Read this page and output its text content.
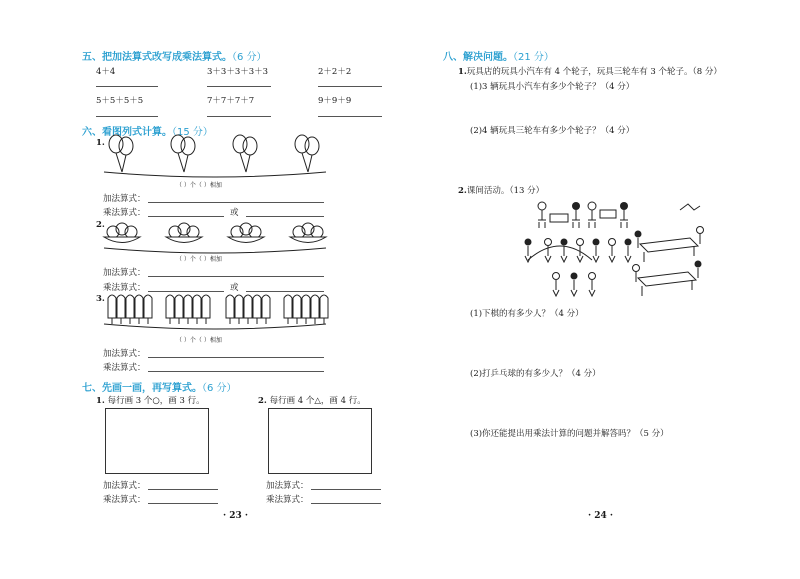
五、把加法算式改写成乘法算式。（6 分）
4＋4	3＋3＋3＋3＋3	2＋2＋2
5＋5＋5＋5	7＋7＋7＋7	9＋9＋9
六、看图列式计算。（15 分）
1.
（ ）个（ ）相加
加法算式：
乘法算式：	或
2.
（ ）个（ ）相加
加法算式：
乘法算式：	或
3.
（ ）个（ ）相加
加法算式：
乘法算式：
七、先画一画，再写算式。（6 分）
1. 每行画 3 个○，画 3 行。	2. 每行画 4 个△，画 4 行。
加法算式：
乘法算式：
加法算式：
乘法算式：
· 23 ·
八、解决问题。（21 分）
1.玩具店的玩具小汽车有 4 个轮子，玩具三轮车有 3 个轮子。（8 分）
(1)3 辆玩具小汽车有多少个轮子？（4 分）
(2)4 辆玩具三轮车有多少个轮子？（4 分）
2.课间活动。（13 分）
(1)下棋的有多少人？（4 分）
(2)打乒乓球的有多少人？（4 分）
(3)你还能提出用乘法计算的问题并解答吗？（5 分）
· 24 ·
